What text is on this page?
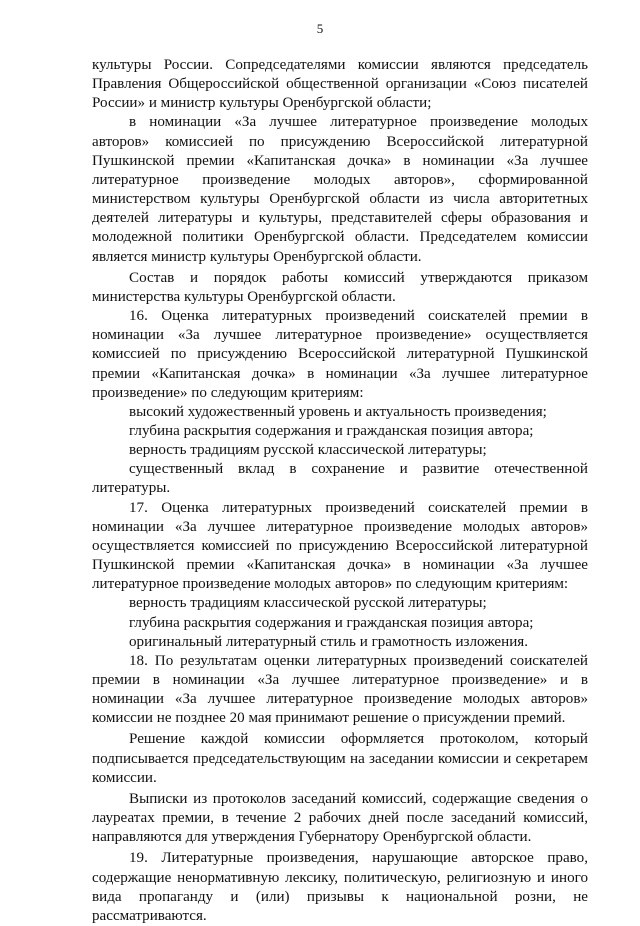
5

культуры России. Сопредседателями комиссии являются председатель Правления Общероссийской общественной организации «Союз писателей России» и министр культуры Оренбургской области;

в номинации «За лучшее литературное произведение молодых авторов» комиссией по присуждению Всероссийской литературной Пушкинской премии «Капитанская дочка» в номинации «За лучшее литературное произведение молодых авторов», сформированной министерством культуры Оренбургской области из числа авторитетных деятелей литературы и культуры, представителей сферы образования и молодежной политики Оренбургской области. Председателем комиссии является министр культуры Оренбургской области.

Состав и порядок работы комиссий утверждаются приказом министерства культуры Оренбургской области.

16. Оценка литературных произведений соискателей премии в номинации «За лучшее литературное произведение» осуществляется комиссией по присуждению Всероссийской литературной Пушкинской премии «Капитанская дочка» в номинации «За лучшее литературное произведение» по следующим критериям:

высокий художественный уровень и актуальность произведения;

глубина раскрытия содержания и гражданская позиция автора;

верность традициям русской классической литературы;

существенный вклад в сохранение и развитие отечественной литературы.

17. Оценка литературных произведений соискателей премии в номинации «За лучшее литературное произведение молодых авторов» осуществляется комиссией по присуждению Всероссийской литературной Пушкинской премии «Капитанская дочка» в номинации «За лучшее литературное произведение молодых авторов» по следующим критериям:

верность традициям классической русской литературы;

глубина раскрытия содержания и гражданская позиция автора;

оригинальный литературный стиль и грамотность изложения.

18. По результатам оценки литературных произведений соискателей премии в номинации «За лучшее литературное произведение» и в номинации «За лучшее литературное произведение молодых авторов» комиссии не позднее 20 мая принимают решение о присуждении премий.

Решение каждой комиссии оформляется протоколом, который подписывается председательствующим на заседании комиссии и секретарем комиссии.

Выписки из протоколов заседаний комиссий, содержащие сведения о лауреатах премии, в течение 2 рабочих дней после заседаний комиссий, направляются для утверждения Губернатору Оренбургской области.

19. Литературные произведения, нарушающие авторское право, содержащие ненормативную лексику, политическую, религиозную и иного вида пропаганду и (или) призывы к национальной розни, не рассматриваются.
